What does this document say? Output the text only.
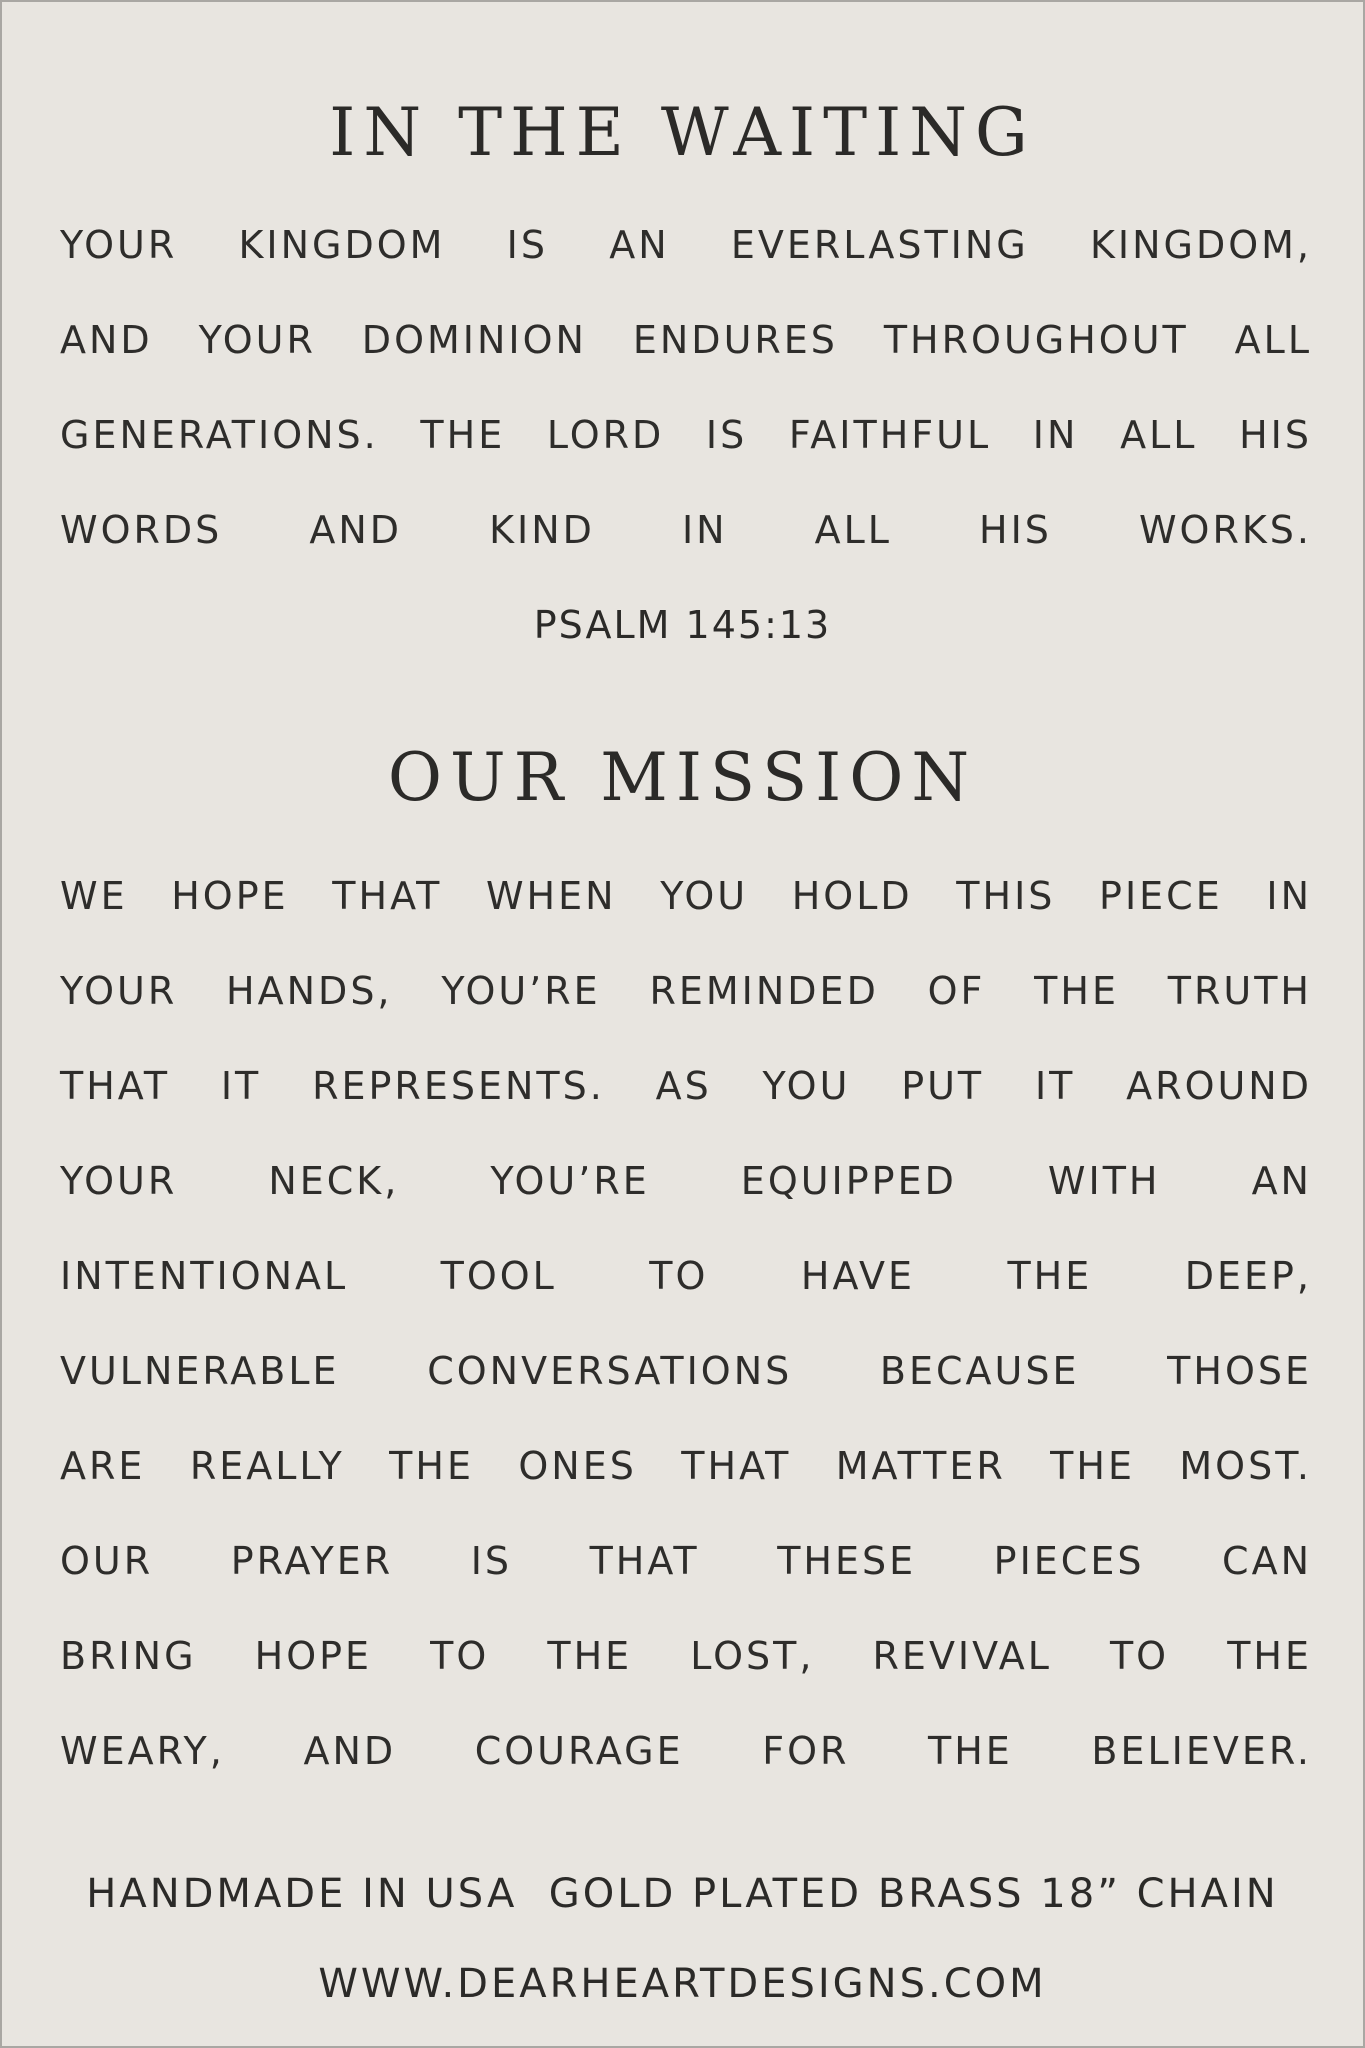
IN THE WAITING
YOUR KINGDOM IS AN EVERLASTING KINGDOM,
AND YOUR DOMINION ENDURES THROUGHOUT ALL
GENERATIONS. THE LORD IS FAITHFUL IN ALL HIS
WORDS AND KIND IN ALL HIS WORKS.
PSALM 145:13
OUR MISSION
WE HOPE THAT WHEN YOU HOLD THIS PIECE IN
YOUR HANDS, YOU’RE REMINDED OF THE TRUTH
THAT IT REPRESENTS. AS YOU PUT IT AROUND
YOUR NECK, YOU’RE EQUIPPED WITH AN
INTENTIONAL TOOL TO HAVE THE DEEP,
VULNERABLE CONVERSATIONS BECAUSE THOSE
ARE REALLY THE ONES THAT MATTER THE MOST.
OUR PRAYER IS THAT THESE PIECES CAN
BRING HOPE TO THE LOST, REVIVAL TO THE
WEARY, AND COURAGE FOR THE BELIEVER.
HANDMADE IN USA  GOLD PLATED BRASS 18” CHAIN
WWW.DEARHEARTDESIGNS.COM
